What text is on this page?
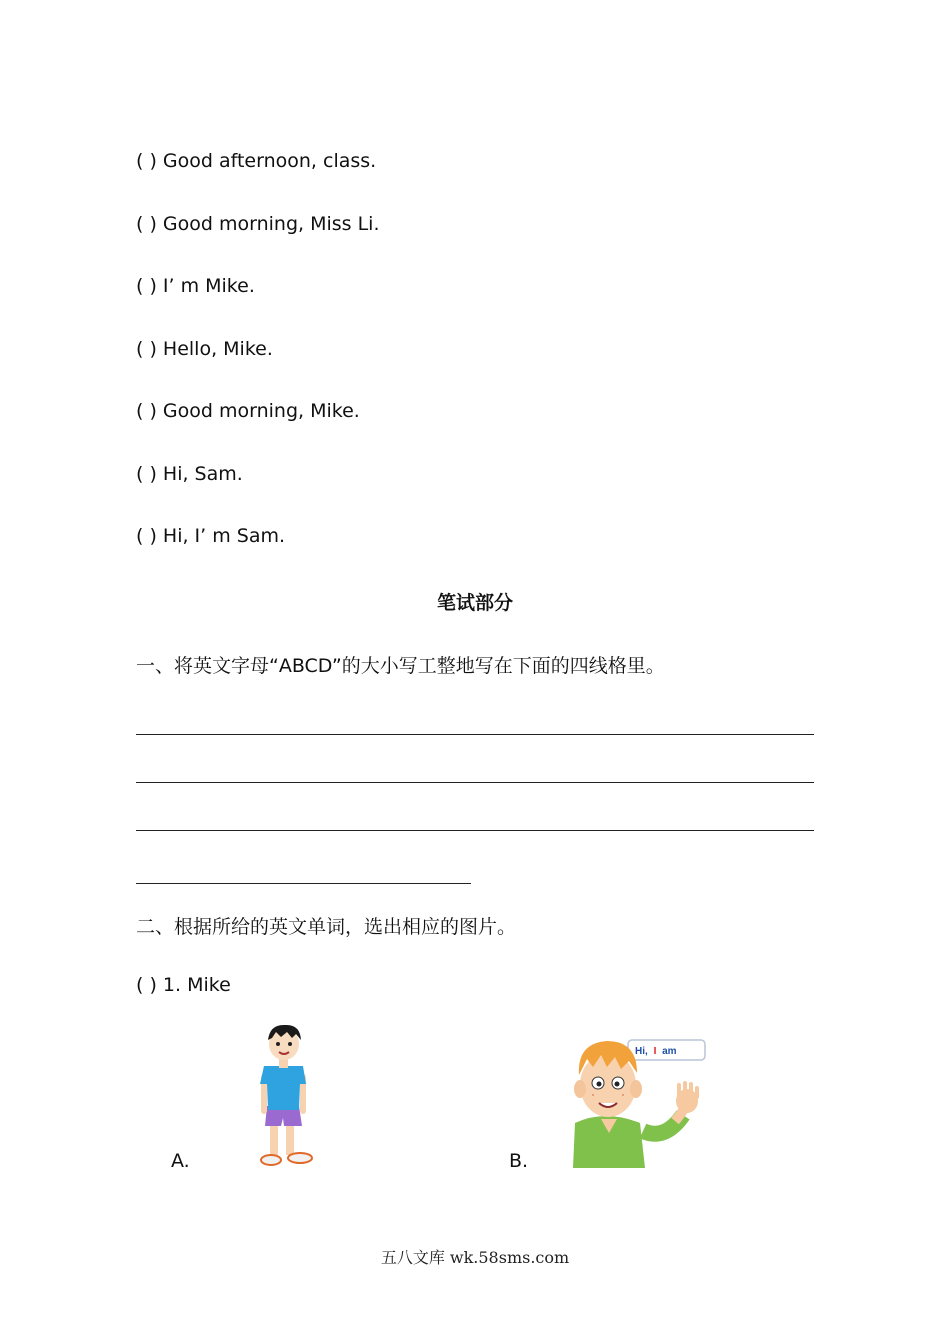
( ) Good afternoon, class.
( ) Good morning, Miss Li.
( ) I’ m Mike.
( ) Hello, Mike.
( ) Good morning, Mike.
( ) Hi, Sam.
( ) Hi, I’ m Sam.
笔试部分
一、将英文字母“ABCD”的大小写工整地写在下面的四线格里。
二、根据所给的英文单词，选出相应的图片。
( ) 1. Mike
A.	B.
Hi, I am
五八文库 wk.58sms.com
